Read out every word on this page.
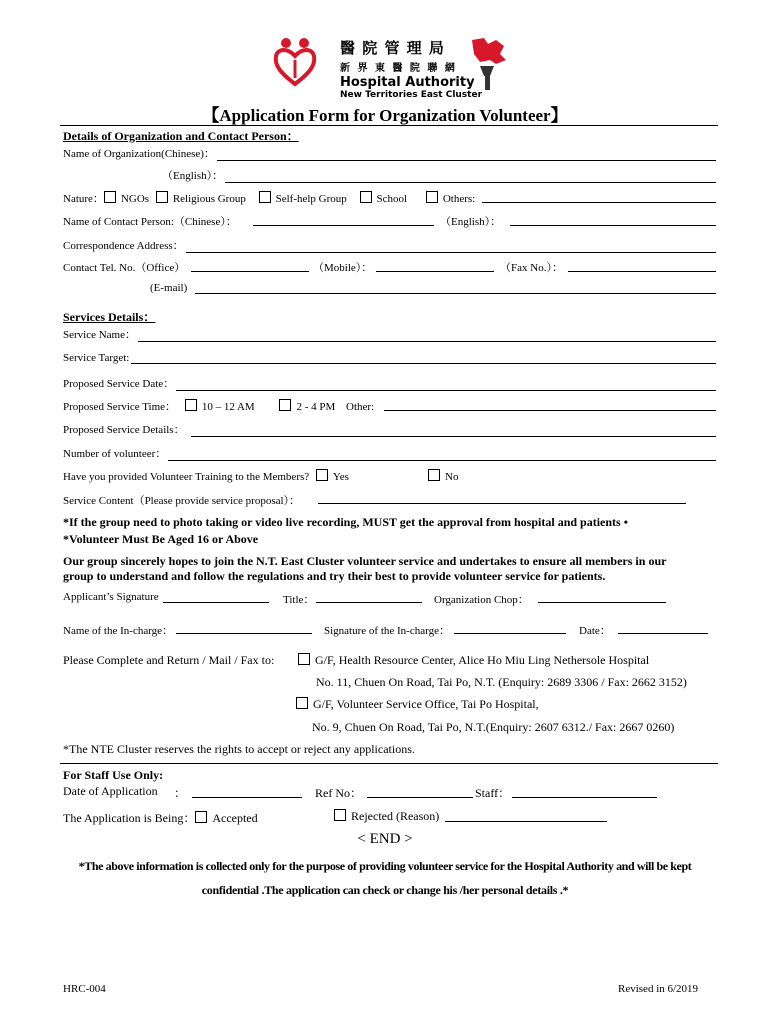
醫 院 管 理 局
新 界 東 醫 院 聯 網
Hospital Authority
New Territories East Cluster
【Application Form for Organization Volunteer】
Details of Organization and Contact Person：
Name of Organization(Chinese)：
（English）：
Nature： NGOs Religious Group	Self-help Group	School	Others:
Name of Contact Person:（Chinese）：	（English）：
Correspondence Address：
Contact Tel. No.（Office）	（Mobile）：	（Fax No.）：
(E-mail)
Services Details：
Service Name：
Service Target:
Proposed Service Date：
Proposed Service Time： 10 – 12 AM	2 - 4 PM Other:
Proposed Service Details：
Number of volunteer：
Have you provided Volunteer Training to the Members? Yes	No
Service Content（Please provide service proposal）：
*If the group need to photo taking or video live recording, MUST get the approval from hospital and patients •
*Volunteer Must Be Aged 16 or Above
Our group sincerely hopes to join the N.T. East Cluster volunteer service and undertakes to ensure all members in our
group to understand and follow the regulations and try their best to provide volunteer service for patients.
Applicant’s Signature	Title：	Organization Chop：
Name of the In-charge：	Signature of the In-charge：	Date：
Please Complete and Return / Mail / Fax to:	G/F, Health Resource Center, Alice Ho Miu Ling Nethersole Hospital
No. 11, Chuen On Road, Tai Po, N.T. (Enquiry: 2689 3306 / Fax: 2662 3152)
G/F, Volunteer Service Office, Tai Po Hospital,
No. 9, Chuen On Road, Tai Po, N.T.(Enquiry: 2607 6312./ Fax: 2667 0260)
*The NTE Cluster reserves the rights to accept or reject any applications.
For Staff Use Only:
Date of Application ：	Ref No：	Staff：
The Application is Being： Accepted	Rejected (Reason)
< END >
*The above information is collected only for the purpose of providing volunteer service for the Hospital Authority and will be kept
confidential .The application can check or change his /her personal details .*
HRC-004	Revised in 6/2019
